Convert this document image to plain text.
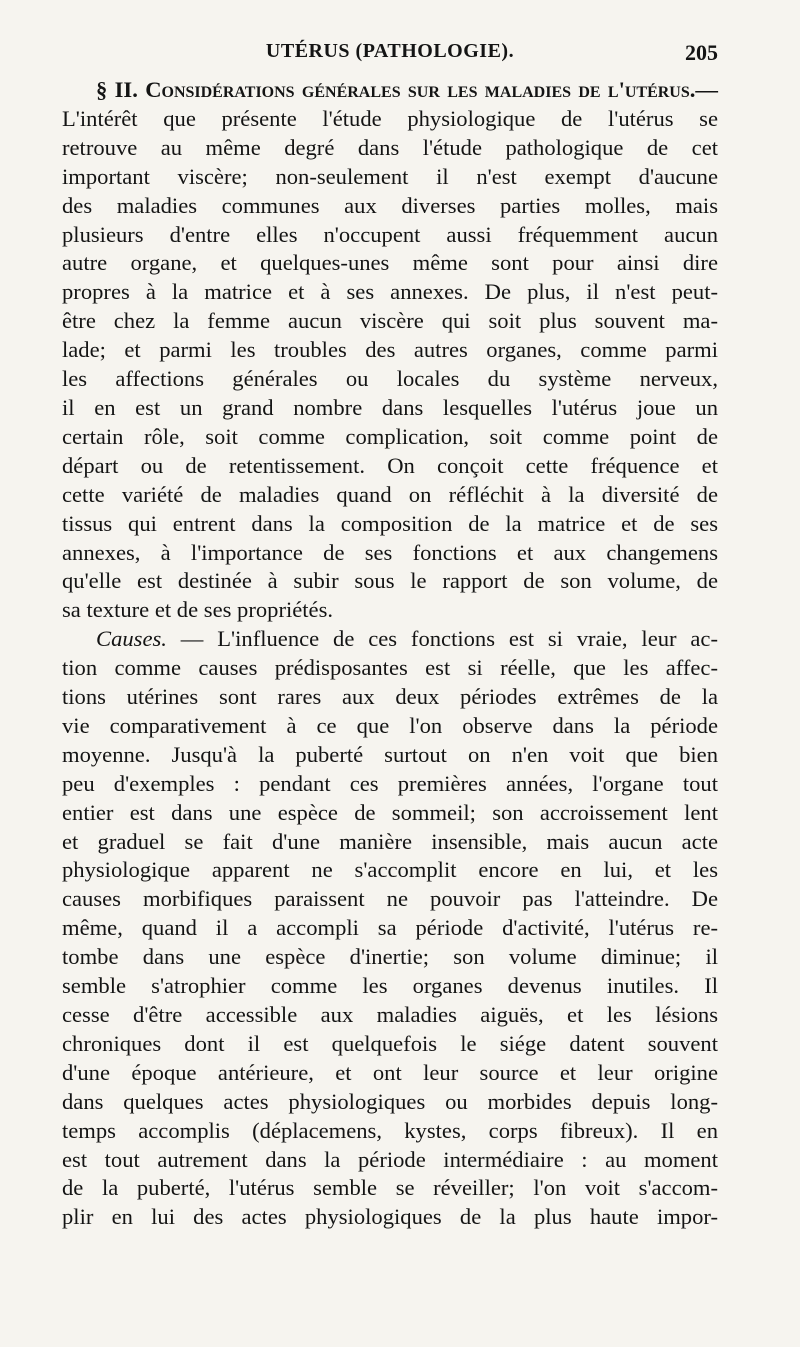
UTÉRUS (PATHOLOGIE).	205
§ II. Considérations générales sur les maladies de l'utérus.—
L'intérêt que présente l'étude physiologique de l'utérus se
retrouve au même degré dans l'étude pathologique de cet
important viscère; non-seulement il n'est exempt d'aucune
des maladies communes aux diverses parties molles, mais
plusieurs d'entre elles n'occupent aussi fréquemment aucun
autre organe, et quelques-unes même sont pour ainsi dire
propres à la matrice et à ses annexes. De plus, il n'est peut-
être chez la femme aucun viscère qui soit plus souvent ma-
lade; et parmi les troubles des autres organes, comme parmi
les affections générales ou locales du système nerveux,
il en est un grand nombre dans lesquelles l'utérus joue un
certain rôle, soit comme complication, soit comme point de
départ ou de retentissement. On conçoit cette fréquence et
cette variété de maladies quand on réfléchit à la diversité de
tissus qui entrent dans la composition de la matrice et de ses
annexes, à l'importance de ses fonctions et aux changemens
qu'elle est destinée à subir sous le rapport de son volume, de
sa texture et de ses propriétés.
Causes. — L'influence de ces fonctions est si vraie, leur ac-
tion comme causes prédisposantes est si réelle, que les affec-
tions utérines sont rares aux deux périodes extrêmes de la
vie comparativement à ce que l'on observe dans la période
moyenne. Jusqu'à la puberté surtout on n'en voit que bien
peu d'exemples : pendant ces premières années, l'organe tout
entier est dans une espèce de sommeil; son accroissement lent
et graduel se fait d'une manière insensible, mais aucun acte
physiologique apparent ne s'accomplit encore en lui, et les
causes morbifiques paraissent ne pouvoir pas l'atteindre. De
même, quand il a accompli sa période d'activité, l'utérus re-
tombe dans une espèce d'inertie; son volume diminue; il
semble s'atrophier comme les organes devenus inutiles. Il
cesse d'être accessible aux maladies aiguës, et les lésions
chroniques dont il est quelquefois le siége datent souvent
d'une époque antérieure, et ont leur source et leur origine
dans quelques actes physiologiques ou morbides depuis long-
temps accomplis (déplacemens, kystes, corps fibreux). Il en
est tout autrement dans la période intermédiaire : au moment
de la puberté, l'utérus semble se réveiller; l'on voit s'accom-
plir en lui des actes physiologiques de la plus haute impor-
